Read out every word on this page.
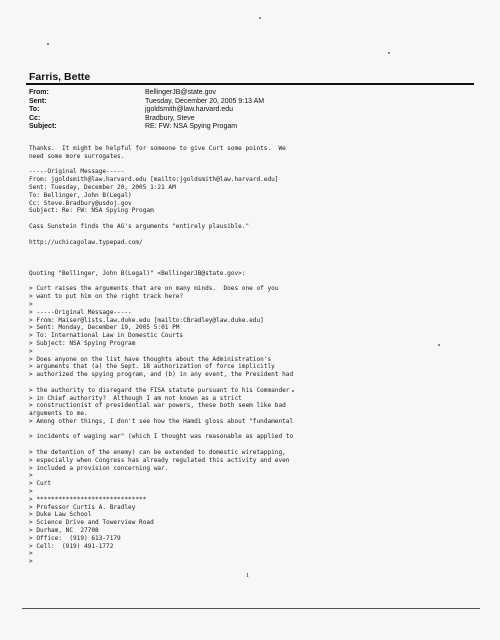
Farris, Bette
From:	BellingerJB@state.gov
Sent:	Tuesday, December 20, 2005 9:13 AM
To:	jgoldsmith@law.harvard.edu
Cc:	Bradbury, Steve
Subject:	RE: FW: NSA Spying Progam
Thanks.  It might be helpful for someone to give Curt some points.  We
need some more surrogates.
-----Original Message-----
From: jgoldsmith@law.harvard.edu [mailto:jgoldsmith@law.harvard.edu]
Sent: Tuesday, December 20, 2005 1:21 AM
To: Bellinger, John B(Legal)
Cc: Steve.Bradbury@usdoj.gov
Subject: Re: FW: NSA Spying Progam
Cass Sunstein finds the AG's arguments "entirely plausible."
http://uchicagolaw.typepad.com/
Quoting "Bellinger, John B(Legal)" <BellingerJB@state.gov>:
> Curt raises the arguments that are on many minds.  Does one of you
> want to put him on the right track here?
>
> -----Original Message-----
> From: Maiser@lists.law.duke.edu [mailto:CBradley@law.duke.edu]
> Sent: Monday, December 19, 2005 5:01 PM
> To: International Law in Domestic Courts
> Subject: NSA Spying Program
>
> Does anyone on the list have thoughts about the Administration's
> arguments that (a) the Sept. 18 authorization of force implicitly
> authorized the spying program, and (b) in any event, the President had
> the authority to disregard the FISA statute pursuant to his Commander
> in Chief authority?  Although I am not known as a strict
> constructionist of presidential war powers, these both seem like bad
arguments to me.
> Among other things, I don't see how the Hamdi gloss about "fundamental
> incidents of waging war" (which I thought was reasonable as applied to
> the detention of the enemy) can be extended to domestic wiretapping,
> especially when Congress has already regulated this activity and even
> included a provision concerning war.
>
> Curt
>
> ******************************
> Professor Curtis A. Bradley
> Duke Law School
> Science Drive and Towerview Road
> Durham, NC  27708
> Office:  (919) 613-7179
> Cell:  (919) 491-1772
>
>
1
